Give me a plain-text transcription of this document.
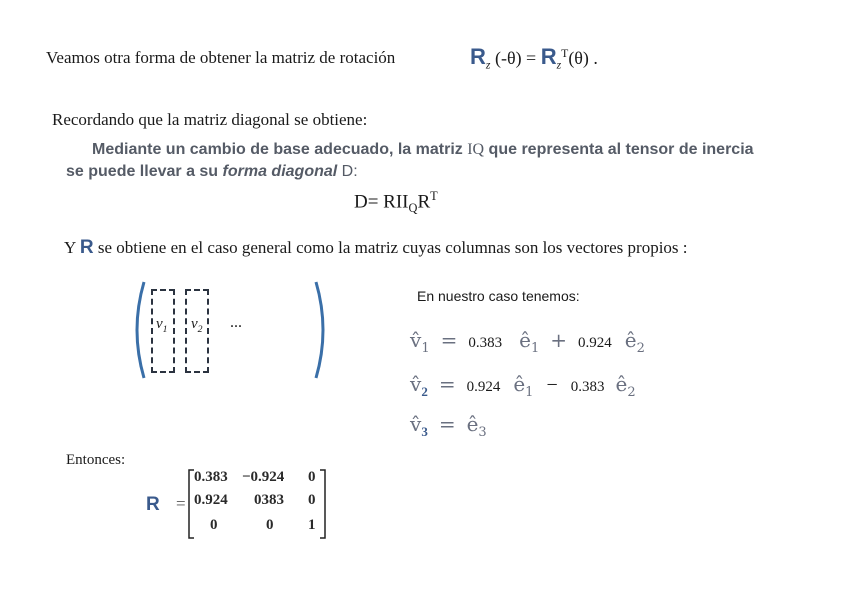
Veamos otra forma de obtener la matriz de rotación	$R_z$ $(-\theta) = R_z^T(\theta)$ .
Recordando que la matriz diagonal se obtiene:
Mediante un cambio de base adecuado, la matriz IQ que representa al tensor de inercia
se puede llevar a su forma diagonal D:
$D= RII_QR^T$
Y R se obtiene en el caso general como la matriz cuyas columnas son los vectores propios :
$v_1$ $v_2$ ...
En nuestro caso tenemos:
$v̂_1 = 0.383$ $ê_1 + 0.924$ $ê_2$
$v̂_2 = 0.924$ $ê_1 - 0.383$ $ê_2$
$v̂_3$ = $ê_3$
Entonces:
R =
0.383 −0.924 0
0.924 0383 0
0	0 1
